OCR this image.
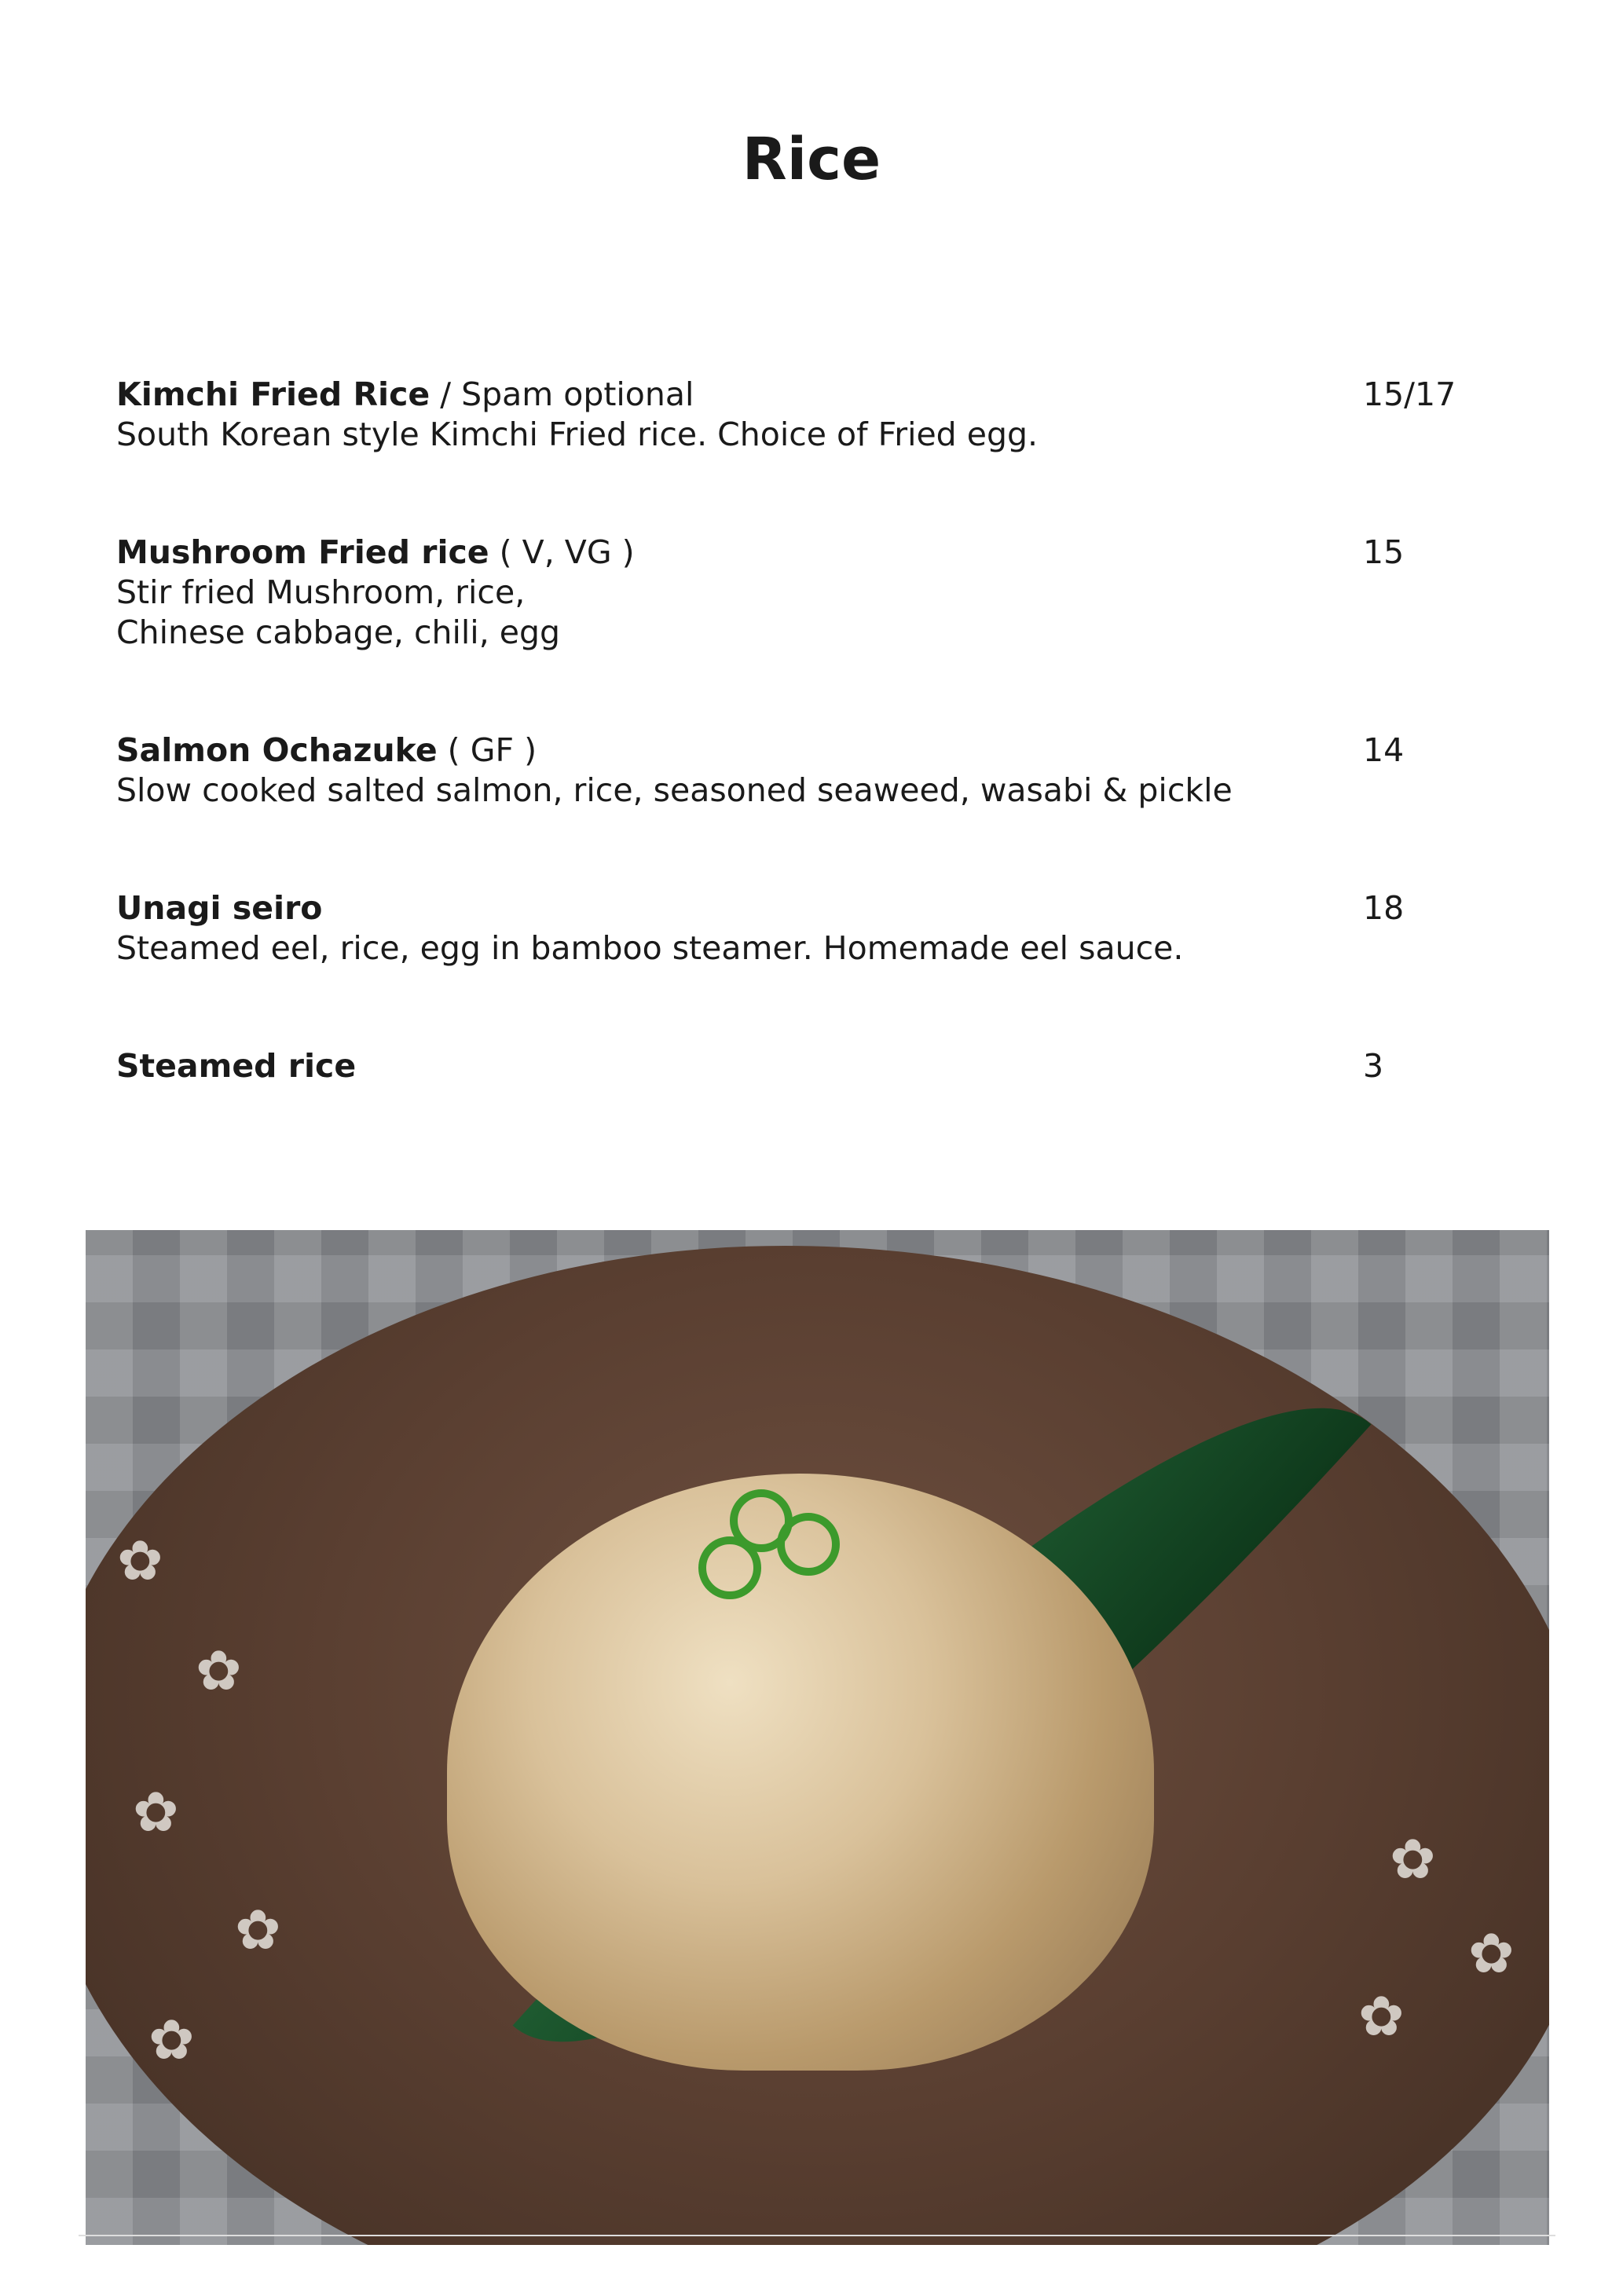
Rice
Kimchi Fried Rice / Spam optional
South Korean style Kimchi Fried rice. Choice of Fried egg.
15/17
Mushroom Fried rice ( V, VG )
Stir fried Mushroom, rice,
Chinese cabbage, chili, egg
15
Salmon Ochazuke ( GF )
Slow cooked salted salmon, rice, seasoned seaweed, wasabi & pickle
14
Unagi seiro
Steamed eel, rice, egg in bamboo steamer. Homemade eel sauce.
18
Steamed rice	3
✿
✿
✿
✿
✿
✿
✿
✿
